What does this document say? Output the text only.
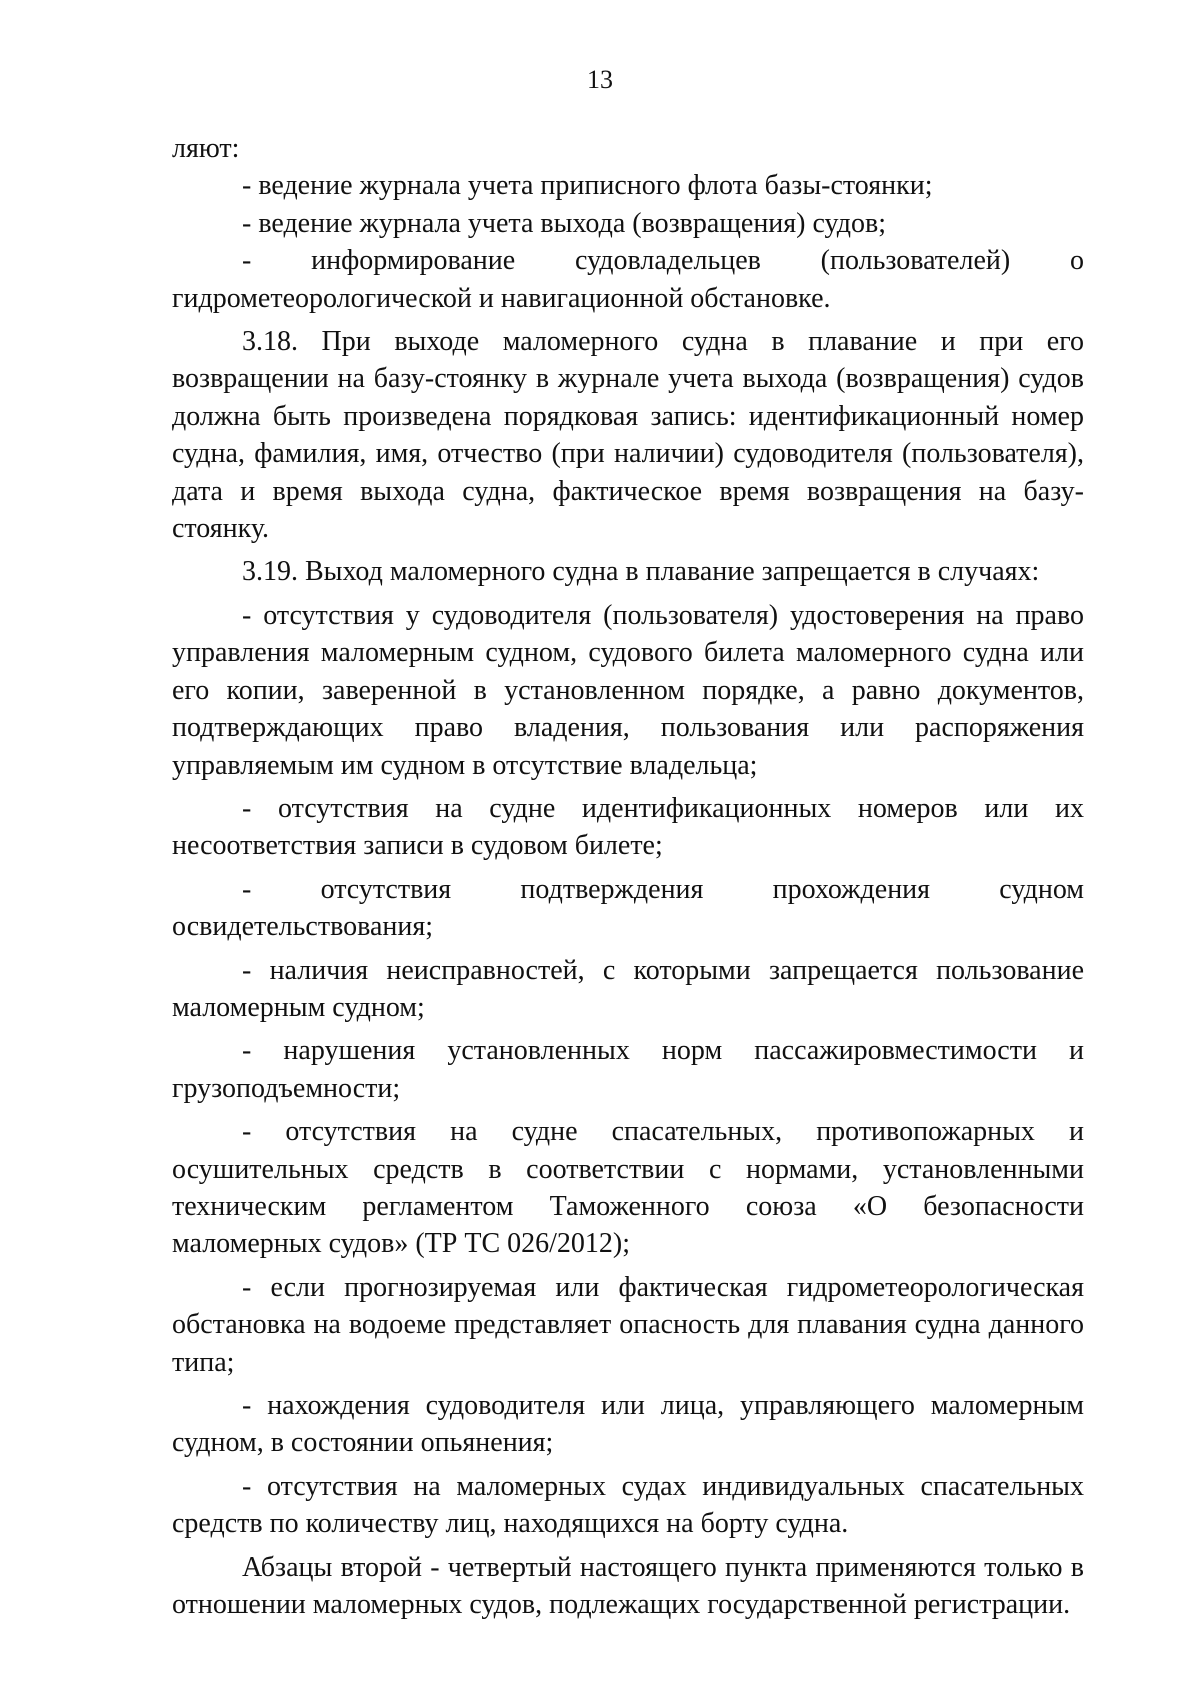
13

ляют:

- ведение журнала учета приписного флота базы-стоянки;

- ведение журнала учета выхода (возвращения) судов;

- информирование судовладельцев (пользователей) о гидрометеорологической и навигационной обстановке.

3.18. При выходе маломерного судна в плавание и при его возвращении на базу-стоянку в журнале учета выхода (возвращения) судов должна быть произведена порядковая запись: идентификационный номер судна, фамилия, имя, отчество (при наличии) судоводителя (пользователя), дата и время выхода судна, фактическое время возвращения на базу-стоянку.

3.19. Выход маломерного судна в плавание запрещается в случаях:

- отсутствия у судоводителя (пользователя) удостоверения на право управления маломерным судном, судового билета маломерного судна или его копии, заверенной в установленном порядке, а равно документов, подтверждающих право владения, пользования или распоряжения управляемым им судном в отсутствие владельца;

- отсутствия на судне идентификационных номеров или их несоответствия записи в судовом билете;

- отсутствия подтверждения прохождения судном освидетельствования;

- наличия неисправностей, с которыми запрещается пользование маломерным судном;

- нарушения установленных норм пассажировместимости и грузоподъемности;

- отсутствия на судне спасательных, противопожарных и осушительных средств в соответствии с нормами, установленными техническим регламентом Таможенного союза «О безопасности маломерных судов» (ТР ТС 026/2012);

- если прогнозируемая или фактическая гидрометеорологическая обстановка на водоеме представляет опасность для плавания судна данного типа;

- нахождения судоводителя или лица, управляющего маломерным судном, в состоянии опьянения;

- отсутствия на маломерных судах индивидуальных спасательных средств по количеству лиц, находящихся на борту судна.

Абзацы второй - четвертый настоящего пункта применяются только в отношении маломерных судов, подлежащих государственной регистрации.
